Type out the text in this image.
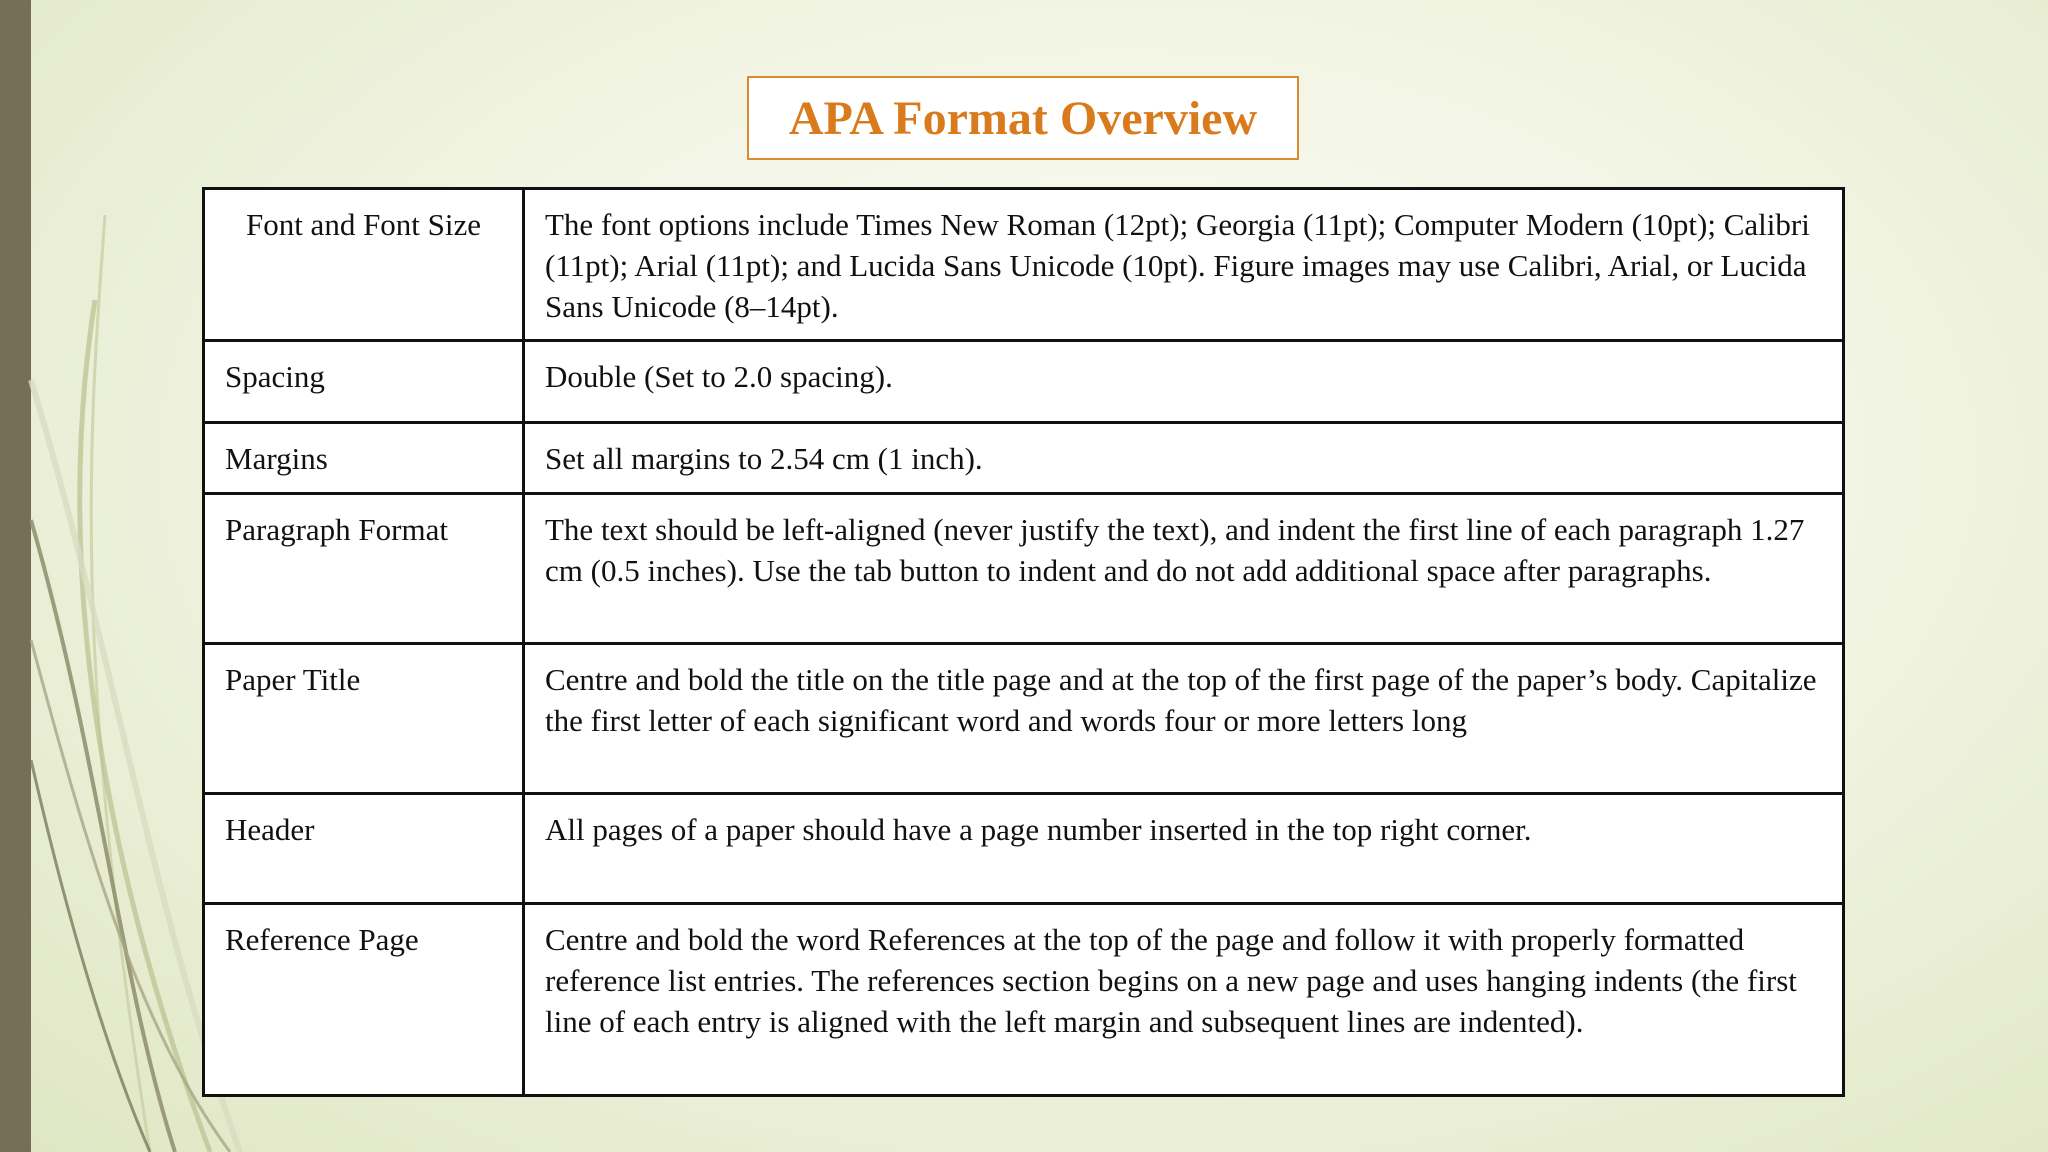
APA Format Overview
Font and Font Size	The font options include Times New Roman (12pt); Georgia (11pt); Computer Modern (10pt); Calibri (11pt); Arial (11pt); and Lucida Sans Unicode (10pt). Figure images may use Calibri, Arial, or Lucida Sans Unicode (8–14pt).
Spacing	Double (Set to 2.0 spacing).
Margins	Set all margins to 2.54 cm (1 inch).
Paragraph Format	The text should be left-aligned (never justify the text), and indent the first line of each paragraph 1.27 cm (0.5 inches). Use the tab button to indent and do not add additional space after paragraphs.
Paper Title	Centre and bold the title on the title page and at the top of the first page of the paper’s body. Capitalize the first letter of each significant word and words four or more letters long
Header	All pages of a paper should have a page number inserted in the top right corner.
Reference Page	Centre and bold the word References at the top of the page and follow it with properly formatted reference list entries. The references section begins on a new page and uses hanging indents (the first line of each entry is aligned with the left margin and subsequent lines are indented).
